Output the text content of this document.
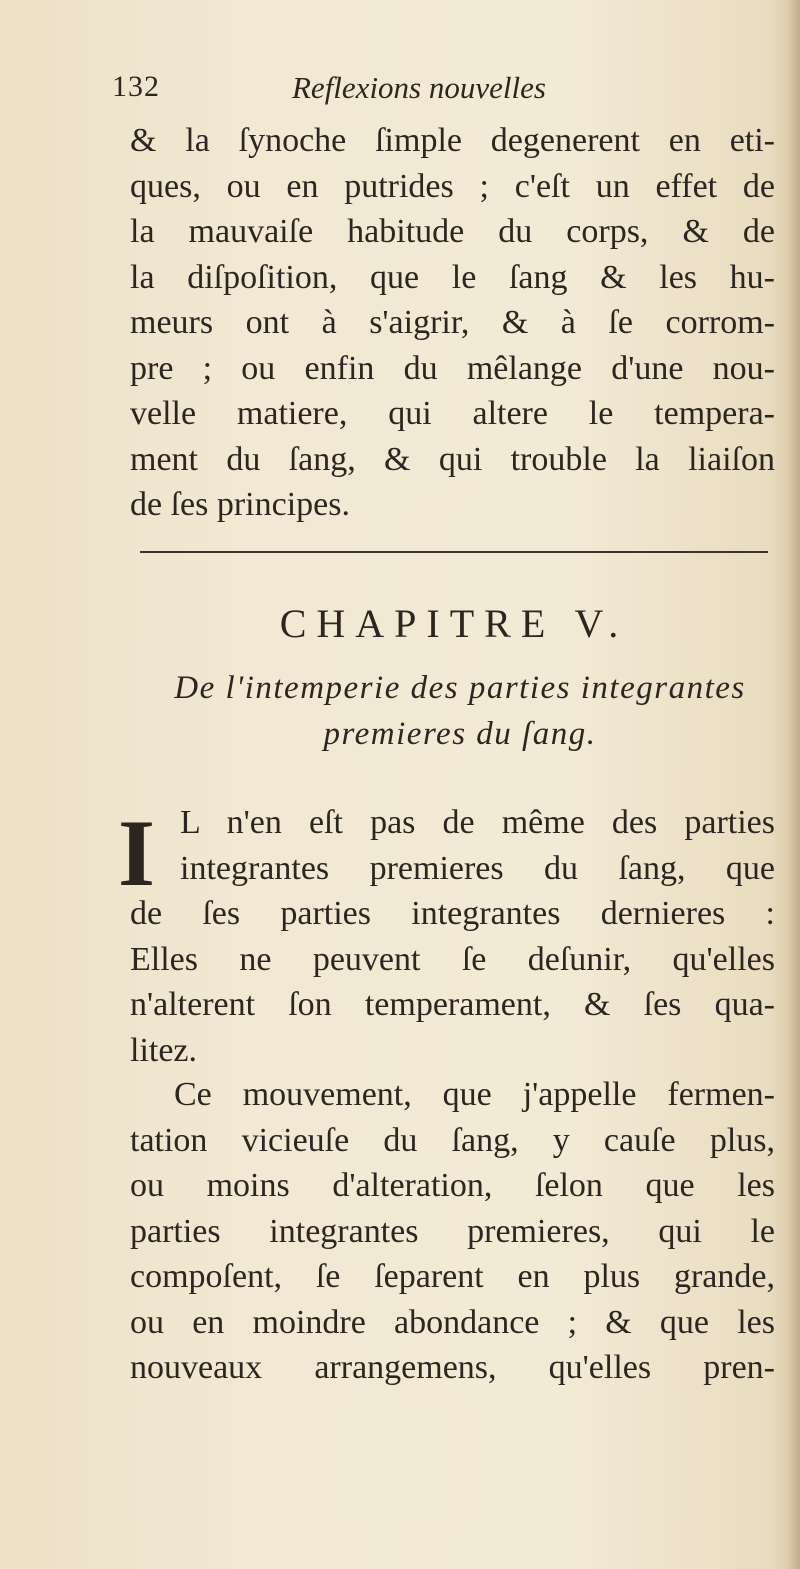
132	Reflexions nouvelles
& la ſynoche ſimple degenerent en eti-
ques, ou en putrides ; c'eſt un effet de
la mauvaiſe habitude du corps, & de
la diſpoſition, que le ſang & les hu-
meurs ont à s'aigrir, & à ſe corrom-
pre ; ou enfin du mêlange d'une nou-
velle matiere, qui altere le tempera-
ment du ſang, & qui trouble la liaiſon
de ſes principes.
CHAPITRE V.
De l'intemperie des parties integrantes
premieres du ſang.
I L n'en eſt pas de même des parties
integrantes premieres du ſang, que
de ſes parties integrantes dernieres :
Elles ne peuvent ſe deſunir, qu'elles
n'alterent ſon temperament, & ſes qua-
litez.
Ce mouvement, que j'appelle fermen-
tation vicieuſe du ſang, y cauſe plus,
ou moins d'alteration, ſelon que les
parties integrantes premieres, qui le
compoſent, ſe ſeparent en plus grande,
ou en moindre abondance ; & que les
nouveaux arrangemens, qu'elles pren-
